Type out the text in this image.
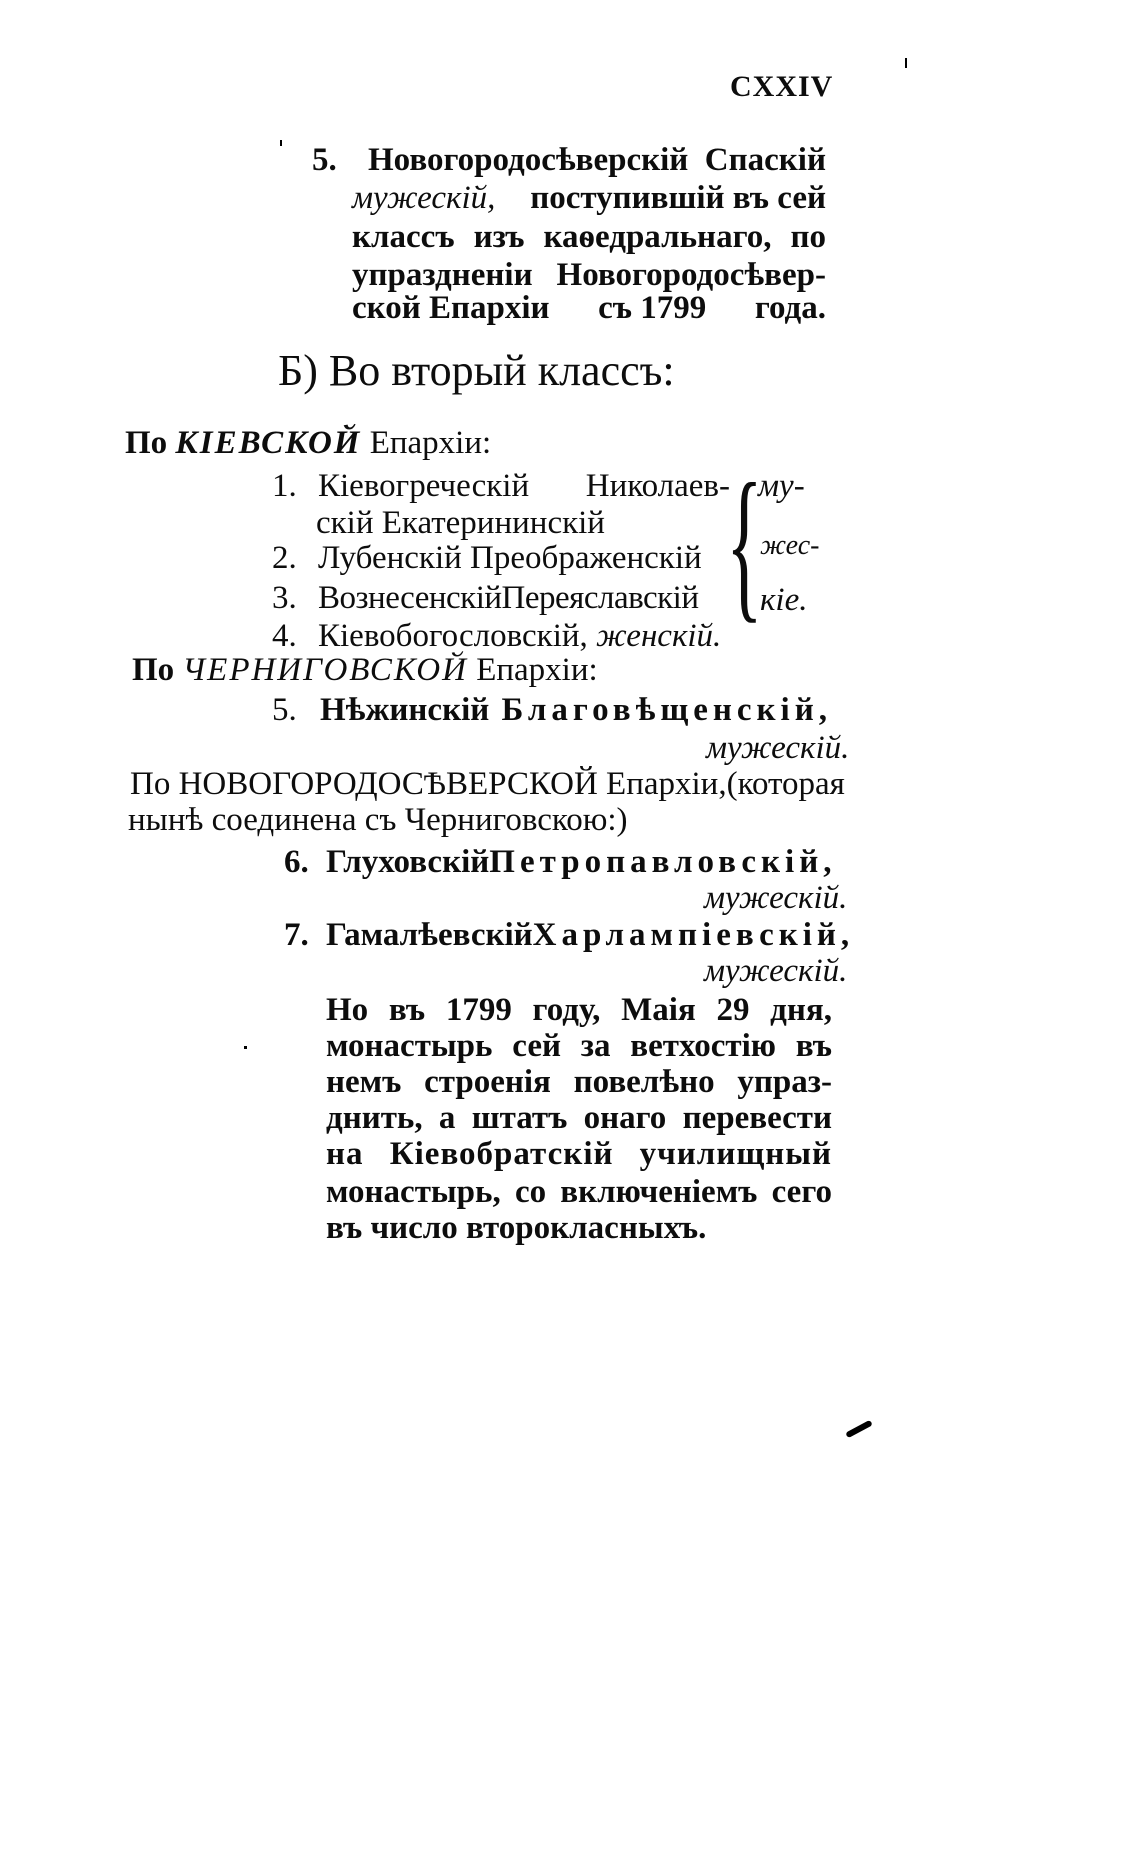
CXXIV
5. Новогородосѣверскій Спаскій
мужескій, поступившій въ сей
классъ изъ каѳедральнаго, по
упраздненіи Новогородосѣвер-
ской Епархіи съ 1799 года.
Б) Во вторый классъ:
По КІЕВСКОЙ Епархіи:
1. Кіевогреческій Николаев-
скій Екатерининскій
2. Лубенскій Преображенскій
3. ВознесенскійПереяславскій {
му-
жес-
кіе.
4. Кіевобогословскій, женскій.
По ЧЕРНИГОВСКОЙ Епархіи:
5. Нѣжинскій Благовѣщенскій,
мужескій.
По НОВОГОРОДОСѢВЕРСКОЙ Епархіи,(которая
нынѣ соединена съ Черниговскою:)
6. Глуховскій Петропавловскій,
мужескій.
7. Гамалѣевскій Харлампіевскій,
мужескій.
Но въ 1799 году, Маія 29 дня,
монастырь сей за ветхостію въ
немъ строенія повелѣно упраз-
днить, а штатъ онаго перевести
на Кіевобратскій училищный
монастырь, со включеніемъ сего
въ число второкласныхъ.
